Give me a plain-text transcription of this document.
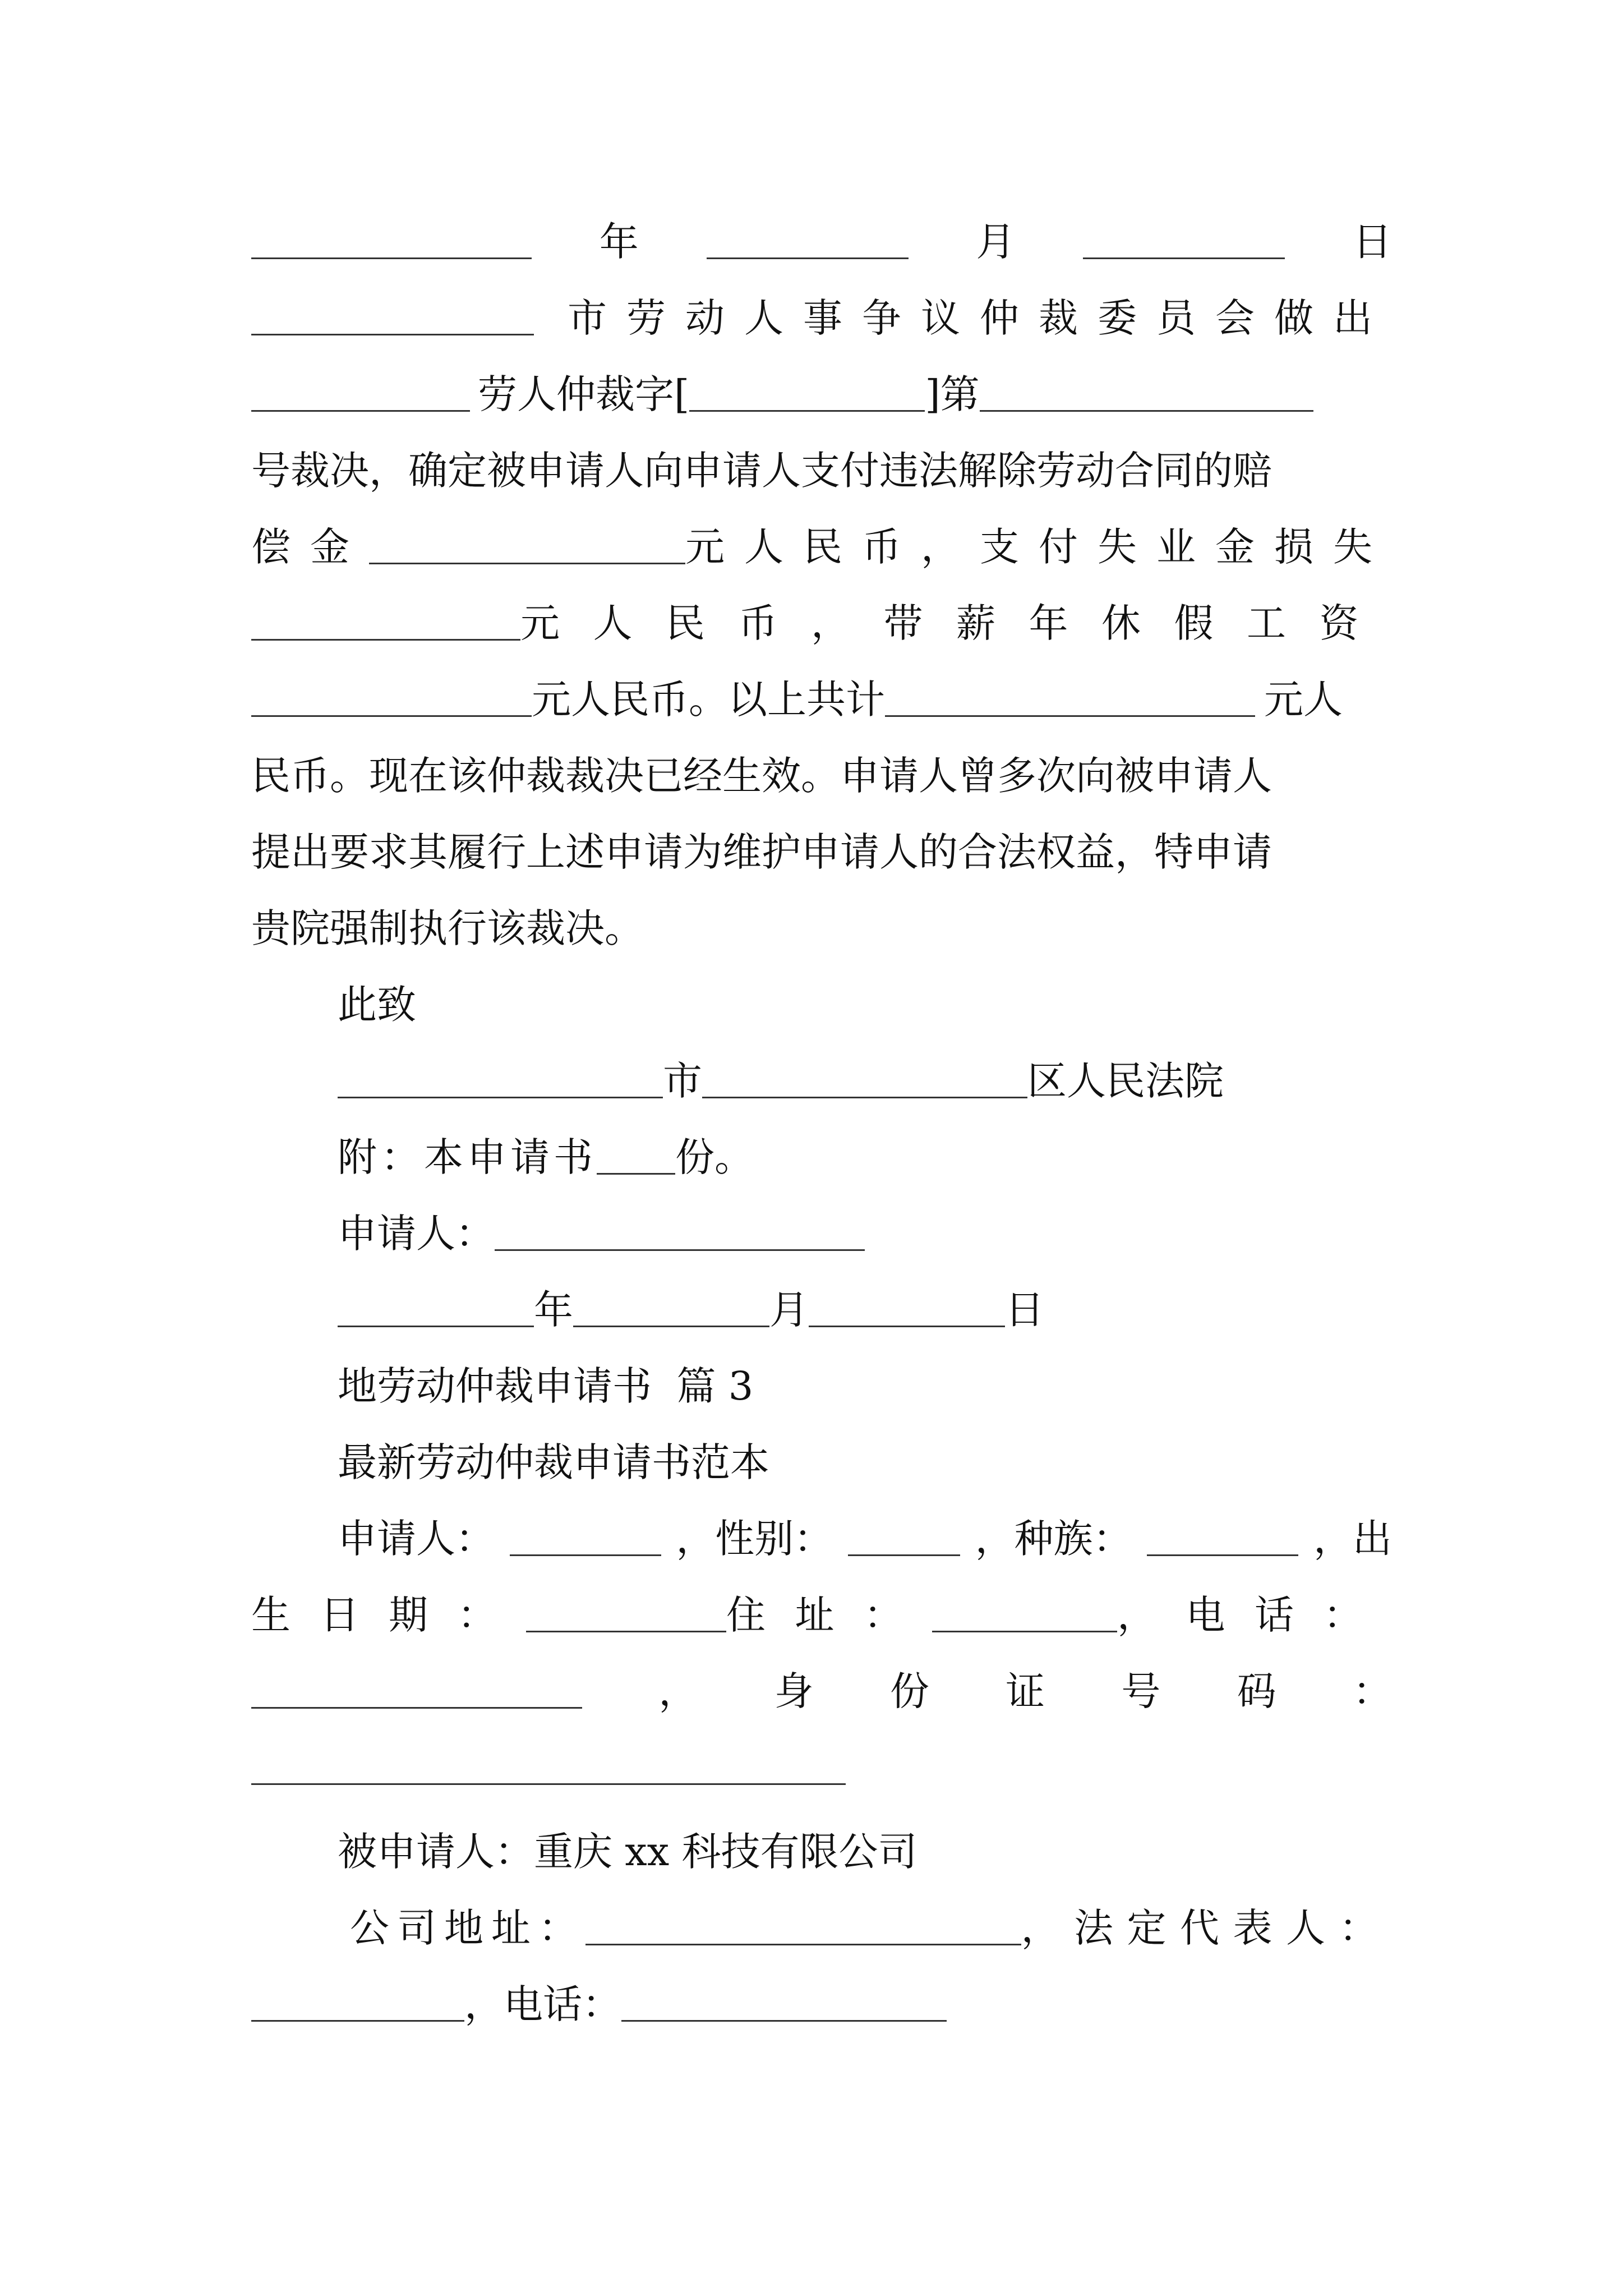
年	月	日
市劳动人事争议仲裁委员会做出
劳人仲裁字[	]第
号裁决，确定被申请人向申请人支付违法解除劳动合同的赔
偿金	元人民币，支付失业金损失
元人民币，带薪年休假工资
元人民币。以上共计	元人
民币。现在该仲裁裁决已经生效。申请人曾多次向被申请人
提出要求其履行上述申请为维护申请人的合法权益，特申请
贵院强制执行该裁决。
此致
市	区人民法院
附：本申请书 份。
申请人：
年	月	日
地劳动仲裁申请书  篇 3
最新劳动仲裁申请书范本
申请人：	，性别：	，种族：	，出
生日期：	住址：	，电话：
， 身 份 证 号 码 ：
被申请人：重庆 xx 科技有限公司
公司地址：	，法定代表人：
，电话：
